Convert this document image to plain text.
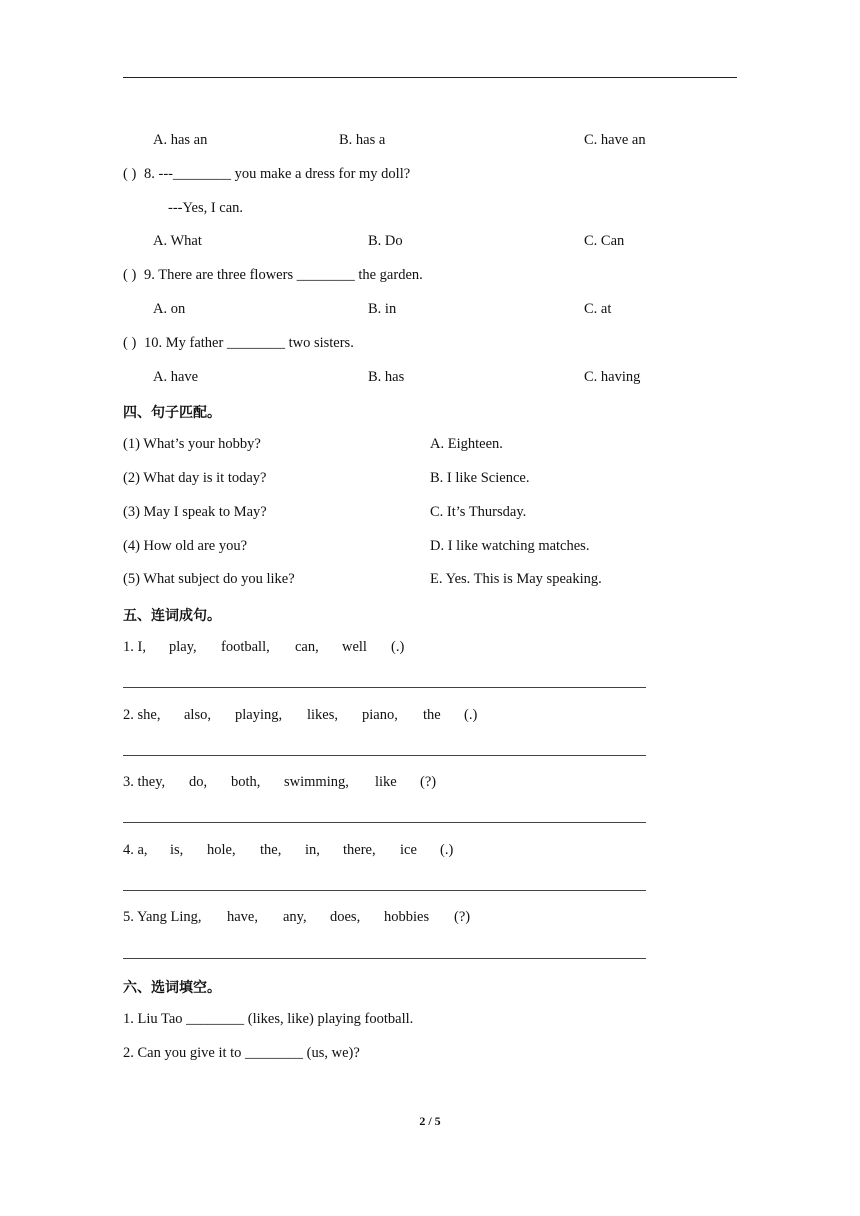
A. has an	B. has a	C. have an
( ) 8. ---________ you make a dress for my doll?
---Yes, I can.
A. What	B. Do	C. Can
( ) 9. There are three flowers ________ the garden.
A. on	B. in	C. at
( ) 10. My father ________ two sisters.
A. have	B. has	C. having
四、句子匹配。
(1) What’s your hobby?	A. Eighteen.
(2) What day is it today?	B. I like Science.
(3) May I speak to May?	C. It’s Thursday.
(4) How old are you?	D. I like watching matches.
(5) What subject do you like?	E. Yes. This is May speaking.
五、连词成句。
1. I, play, football, can, well (.)
2. she, also, playing, likes, piano, the (.)
3. they, do, both, swimming, like (?)
4. a, is, hole, the, in, there, ice (.)
5. Yang Ling, have, any, does, hobbies (?)
六、选词填空。
1. Liu Tao ________ (likes, like) playing football.
2. Can you give it to ________ (us, we)?
2 / 5
